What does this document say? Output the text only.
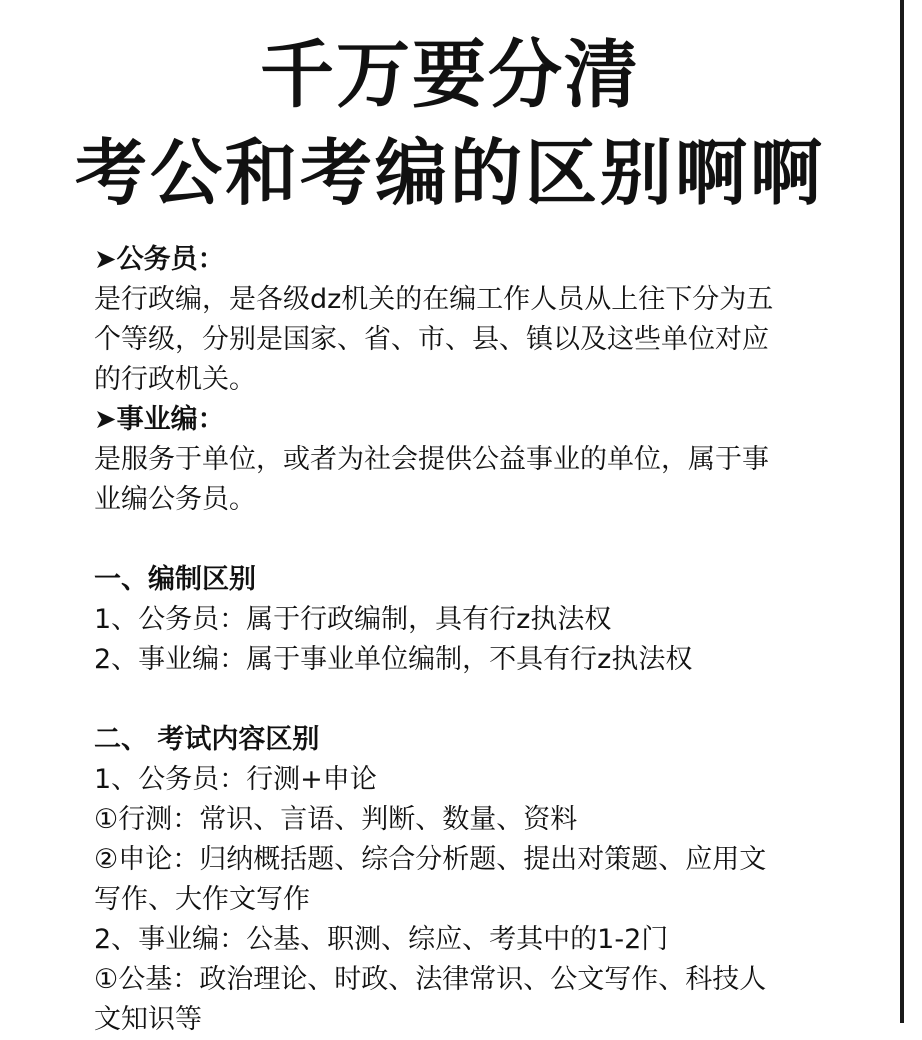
千万要分清
考公和考编的区别啊啊

➤公务员：

是行政编，是各级dz机关的在编工作人员从上往下分为五

个等级，分别是国家、省、市、县、镇以及这些单位对应

的行政机关。

➤事业编：

是服务于单位，或者为社会提供公益事业的单位，属于事

业编公务员。

一、编制区别

1、公务员：属于行政编制，具有行z执法权

2、事业编：属于事业单位编制，不具有行z执法权

二、 考试内容区别

1、公务员：行测+申论

①行测：常识、言语、判断、数量、资料

②申论：归纳概括题、综合分析题、提出对策题、应用文

写作、大作文写作

2、事业编：公基、职测、综应、考其中的1-2门

①公基：政治理论、时政、法律常识、公文写作、科技人

文知识等
